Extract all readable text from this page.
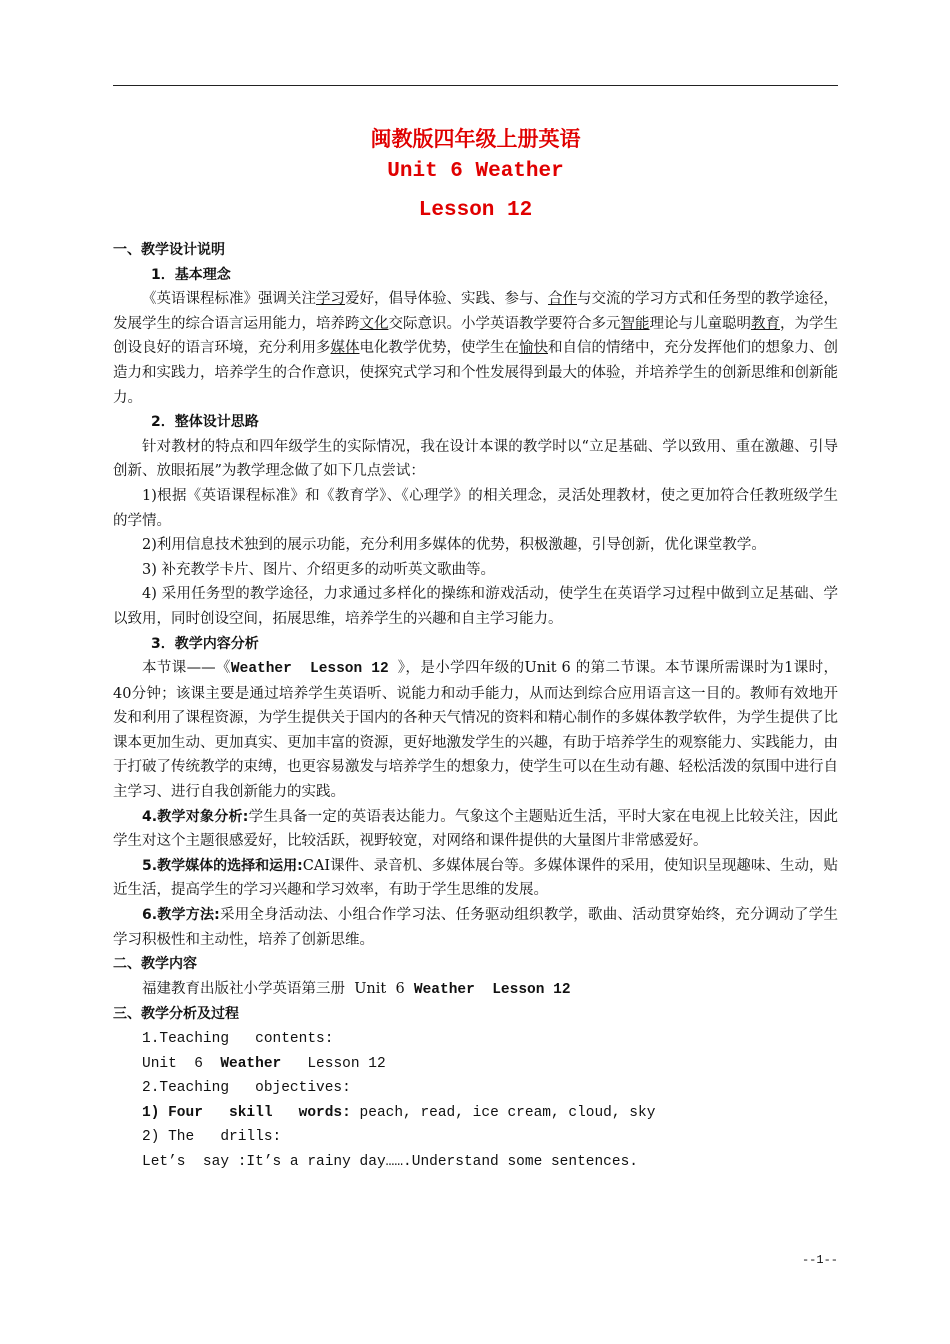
闽教版四年级上册英语
Unit 6 Weather
Lesson 12

一、教学设计说明

1．基本理念

《英语课程标准》强调关注学习爱好，倡导体验、实践、参与、合作与交流的学习方式和任务型的教学途径，发展学生的综合语言运用能力，培养跨文化交际意识。小学英语教学要符合多元智能理论与儿童聪明教育，为学生创设良好的语言环境，充分利用多媒体电化教学优势，使学生在愉快和自信的情绪中，充分发挥他们的想象力、创造力和实践力，培养学生的合作意识，使探究式学习和个性发展得到最大的体验，并培养学生的创新思维和创新能力。

2．整体设计思路

针对教材的特点和四年级学生的实际情况，我在设计本课的教学时以“立足基础、学以致用、重在激趣、引导创新、放眼拓展”为教学理念做了如下几点尝试：

1)根据《英语课程标准》和《教育学》、《心理学》的相关理念，灵活处理教材，使之更加符合任教班级学生的学情。

2)利用信息技术独到的展示功能，充分利用多媒体的优势，积极激趣，引导创新，优化课堂教学。

3) 补充教学卡片、图片、介绍更多的动听英文歌曲等。

4) 采用任务型的教学途径，力求通过多样化的操练和游戏活动，使学生在英语学习过程中做到立足基础、学以致用，同时创设空间，拓展思维，培养学生的兴趣和自主学习能力。

3．教学内容分析

本节课——《Weather  Lesson 12 》，是小学四年级的Unit 6 的第二节课。本节课所需课时为1课时，40分钟；该课主要是通过培养学生英语听、说能力和动手能力，从而达到综合应用语言这一目的。教师有效地开发和利用了课程资源，为学生提供关于国内的各种天气情况的资料和精心制作的多媒体教学软件，为学生提供了比课本更加生动、更加真实、更加丰富的资源，更好地激发学生的兴趣，有助于培养学生的观察能力、实践能力，由于打破了传统教学的束缚，也更容易激发与培养学生的想象力，使学生可以在生动有趣、轻松活泼的氛围中进行自主学习、进行自我创新能力的实践。

4.教学对象分析:学生具备一定的英语表达能力。气象这个主题贴近生活，平时大家在电视上比较关注，因此学生对这个主题很感爱好，比较活跃，视野较宽，对网络和课件提供的大量图片非常感爱好。

5.教学媒体的选择和运用:CAI课件、录音机、多媒体展台等。多媒体课件的采用，使知识呈现趣味、生动，贴近生活，提高学生的学习兴趣和学习效率，有助于学生思维的发展。

6.教学方法:采用全身活动法、小组合作学习法、任务驱动组织教学，歌曲、活动贯穿始终，充分调动了学生学习积极性和主动性，培养了创新思维。

二、教学内容

福建教育出版社小学英语第三册  Unit  6  Weather  Lesson 12

三、教学分析及过程

1.Teaching   contents:

Unit  6  Weather   Lesson 12

2.Teaching   objectives:

1) Four   skill   words: peach, read, ice cream, cloud, sky

2) The   drills:

Let’s  say :It’s a rainy day…….Understand some sentences.

--1--
